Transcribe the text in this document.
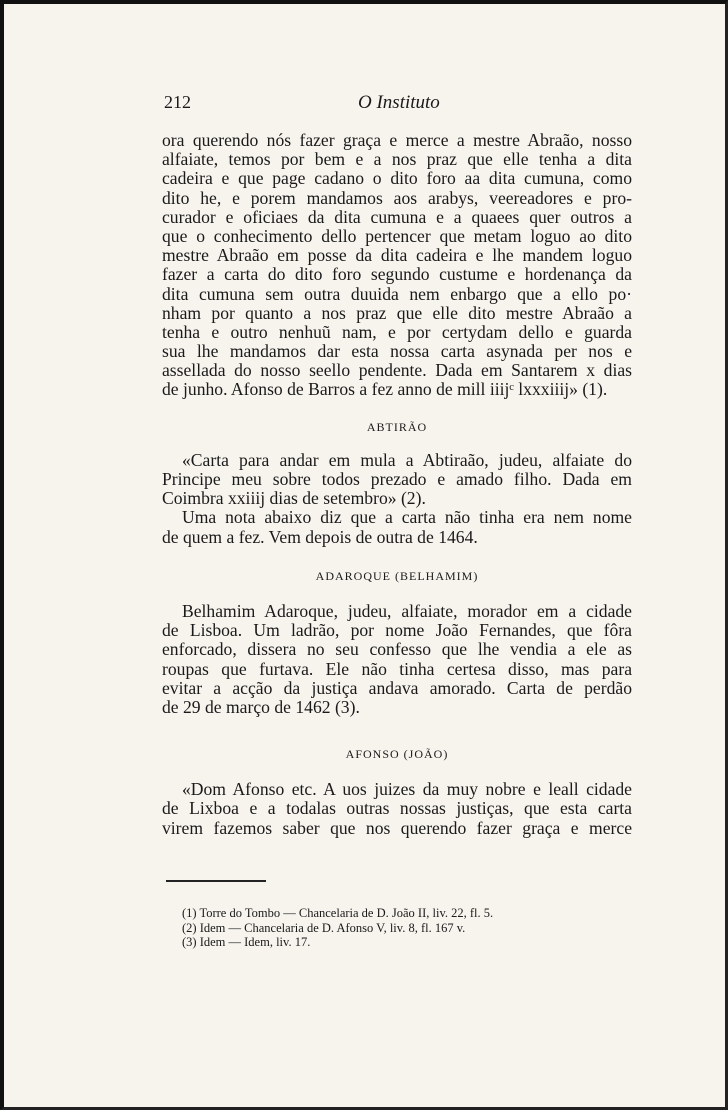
212	O Instituto

ora querendo nós fazer graça e merce a mestre Abraão, nosso
alfaiate, temos por bem e a nos praz que elle tenha a dita
cadeira e que page cadano o dito foro aa dita cumuna, como
dito he, e porem mandamos aos arabys, veereadores e pro-
curador e oficiaes da dita cumuna e a quaees quer outros a
que o conhecimento dello pertencer que metam loguo ao dito
mestre Abraão em posse da dita cadeira e lhe mandem loguo
fazer a carta do dito foro segundo custume e hordenança da
dita cumuna sem outra duuida nem enbargo que a ello po·
nham por quanto a nos praz que elle dito mestre Abraão a
tenha e outro nenhuũ nam, e por certydam dello e guarda
sua lhe mandamos dar esta nossa carta asynada per nos e
assellada do nosso seello pendente. Dada em Santarem x dias
de junho. Afonso de Barros a fez anno de mill iiijᶜ lxxxiiij» (1).

ABTIRÃO

«Carta para andar em mula a Abtiraão, judeu, alfaiate do
Principe meu sobre todos prezado e amado filho. Dada em
Coimbra xxiiij dias de setembro» (2).

Uma nota abaixo diz que a carta não tinha era nem nome
de quem a fez. Vem depois de outra de 1464.

ADAROQUE (BELHAMIM)

Belhamim Adaroque, judeu, alfaiate, morador em a cidade
de Lisboa. Um ladrão, por nome João Fernandes, que fôra
enforcado, dissera no seu confesso que lhe vendia a ele as
roupas que furtava. Ele não tinha certesa disso, mas para
evitar a acção da justiça andava amorado. Carta de perdão
de 29 de março de 1462 (3).

AFONSO (JOÃO)

«Dom Afonso etc. A uos juizes da muy nobre e leall cidade
de Lixboa e a todalas outras nossas justiças, que esta carta
virem fazemos saber que nos querendo fazer graça e merce

(1) Torre do Tombo — Chancelaria de D. João II, liv. 22, fl. 5.
(2) Idem — Chancelaria de D. Afonso V, liv. 8, fl. 167 v.
(3) Idem — Idem, liv. 17.
